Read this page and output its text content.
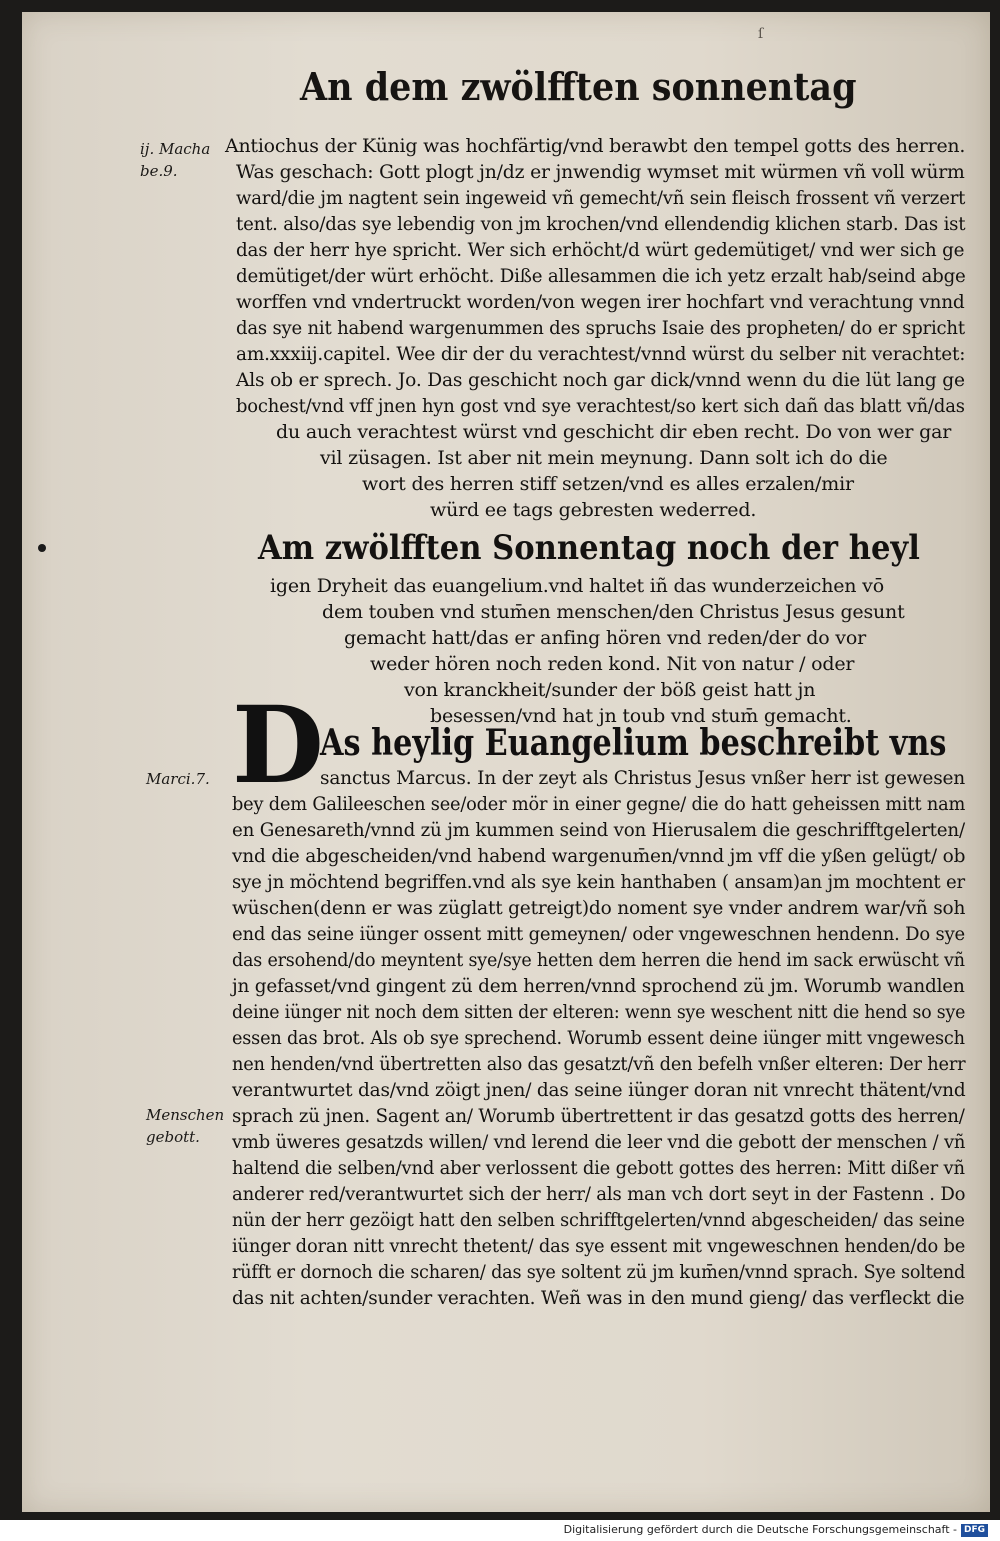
ſ
An dem zwölfften sonnentag
ij. Macha be.9.
Marci.7.
Menschen gebott.
Antiochus der Künig was hochfärtig/vnd berawbt den tempel gotts des herren.
Was geschach: Gott plogt jn/dz er jnwendig wymset mit würmen vñ voll würm
ward/die jm nagtent sein ingeweid vñ gemecht/vñ sein fleisch frossent vñ verzert
tent. also/das sye lebendig von jm krochen/vnd ellendendig klichen starb. Das ist
das der herr hye spricht. Wer sich erhöcht/d würt gedemütiget/ vnd wer sich ge
demütiget/der würt erhöcht. Diße allesammen die ich yetz erzalt hab/seind abge
worffen vnd vndertruckt worden/von wegen irer hochfart vnd verachtung vnnd
das sye nit habend wargenummen des spruchs Isaie des propheten/ do er spricht
am.xxxiij.capitel. Wee dir der du verachtest/vnnd würst du selber nit verachtet:
Als ob er sprech. Jo. Das geschicht noch gar dick/vnnd wenn du die lüt lang ge
bochest/vnd vff jnen hyn gost vnd sye verachtest/so kert sich dañ das blatt vñ/das
du auch verachtest würst vnd geschicht dir eben recht. Do von wer gar
vil züsagen. Ist aber nit mein meynung. Dann solt ich do die
wort des herren stiff setzen/vnd es alles erzalen/mir
würd ee tags gebresten wederred.
Am zwölfften Sonnentag noch der heyl
igen Dryheit das euangelium.vnd haltet iñ das wunderzeichen vō
dem touben vnd stum̄en menschen/den Christus Jesus gesunt
gemacht hatt/das er anfing hören vnd reden/der do vor
weder hören noch reden kond. Nit von natur / oder
von kranckheit/sunder der böß geist hatt jn
besessen/vnd hat jn toub vnd stum̄ gemacht.
D
As heylig Euangelium beschreibt vns
sanctus Marcus. In der zeyt als Christus Jesus vnßer herr ist gewesen
bey dem Galileeschen see/oder mör in einer gegne/ die do hatt geheissen mitt nam
en Genesareth/vnnd zü jm kummen seind von Hierusalem die geschrifftgelerten/
vnd die abgescheiden/vnd habend wargenum̄en/vnnd jm vff die yßen gelügt/ ob
sye jn möchtend begriffen.vnd als sye kein hanthaben ( ansam)an jm mochtent er
wüschen(denn er was züglatt getreigt)do noment sye vnder andrem war/vñ soh
end das seine iünger ossent mitt gemeynen/ oder vngeweschnen hendenn. Do sye
das ersohend/do meyntent sye/sye hetten dem herren die hend im sack erwüscht vñ
jn gefasset/vnd gingent zü dem herren/vnnd sprochend zü jm. Worumb wandlen
deine iünger nit noch dem sitten der elteren: wenn sye weschent nitt die hend so sye
essen das brot. Als ob sye sprechend. Worumb essent deine iünger mitt vngewesch
nen henden/vnd übertretten also das gesatzt/vñ den befelh vnßer elteren: Der herr
verantwurtet das/vnd zöigt jnen/ das seine iünger doran nit vnrecht thätent/vnd
sprach zü jnen. Sagent an/ Worumb übertrettent ir das gesatzd gotts des herren/
vmb üweres gesatzds willen/ vnd lerend die leer vnd die gebott der menschen / vñ
haltend die selben/vnd aber verlossent die gebott gottes des herren: Mitt dißer vñ
anderer red/verantwurtet sich der herr/ als man vch dort seyt in der Fastenn . Do
nün der herr gezöigt hatt den selben schrifftgelerten/vnnd abgescheiden/ das seine
iünger doran nitt vnrecht thetent/ das sye essent mit vngeweschnen henden/do be
rüfft er dornoch die scharen/ das sye soltent zü jm kum̄en/vnnd sprach. Sye soltend
das nit achten/sunder verachten. Weñ was in den mund gieng/ das verfleckt die
Digitalisierung gefördert durch die Deutsche Forschungsgemeinschaft - DFG
